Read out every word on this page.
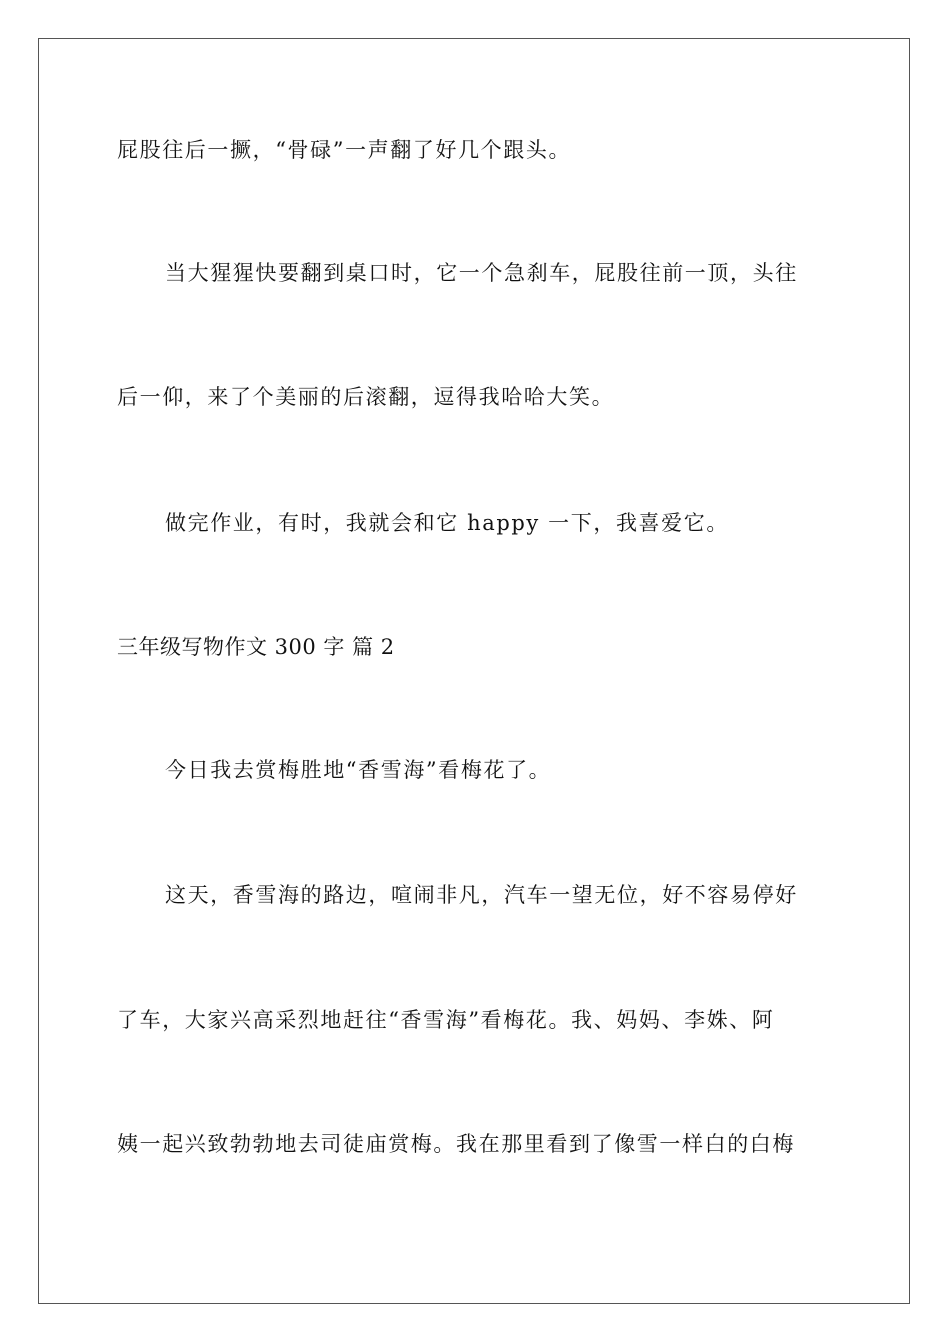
屁股往后一撅，“骨碌”一声翻了好几个跟头。
当大猩猩快要翻到桌口时，它一个急刹车，屁股往前一顶，头往
后一仰，来了个美丽的后滚翻，逗得我哈哈大笑。
做完作业，有时，我就会和它 happy 一下，我喜爱它。
三年级写物作文 300 字 篇 2
今日我去赏梅胜地“香雪海”看梅花了。
这天，香雪海的路边，喧闹非凡，汽车一望无位，好不容易停好
了车，大家兴高采烈地赶往“香雪海”看梅花。我、妈妈、李姝、阿
姨一起兴致勃勃地去司徒庙赏梅。我在那里看到了像雪一样白的白梅
